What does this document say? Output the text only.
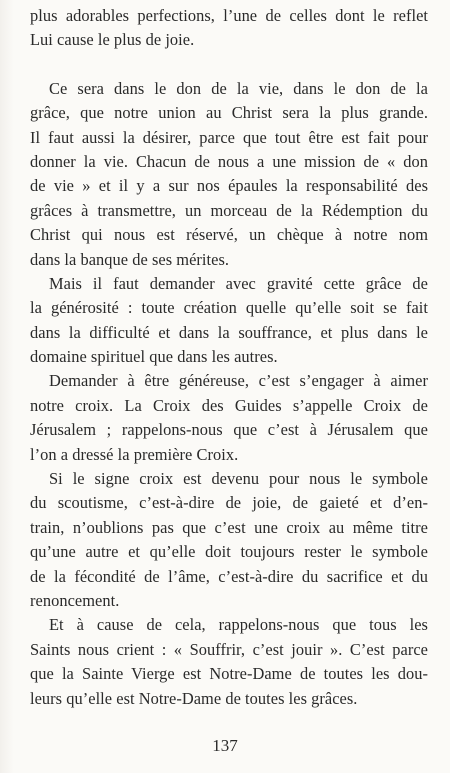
plus adorables perfections, l’une de celles dont le reflet
Lui cause le plus de joie.
Ce sera dans le don de la vie, dans le don de la
grâce, que notre union au Christ sera la plus grande.
Il faut aussi la désirer, parce que tout être est fait pour
donner la vie. Chacun de nous a une mission de « don
de vie » et il y a sur nos épaules la responsabilité des
grâces à transmettre, un morceau de la Rédemption du
Christ qui nous est réservé, un chèque à notre nom
dans la banque de ses mérites.
Mais il faut demander avec gravité cette grâce de
la générosité : toute création quelle qu’elle soit se fait
dans la difficulté et dans la souffrance, et plus dans le
domaine spirituel que dans les autres.
Demander à être généreuse, c’est s’engager à aimer
notre croix. La Croix des Guides s’appelle Croix de
Jérusalem ; rappelons-nous que c’est à Jérusalem que
l’on a dressé la première Croix.
Si le signe croix est devenu pour nous le symbole
du scoutisme, c’est-à-dire de joie, de gaieté et d’en-
train, n’oublions pas que c’est une croix au même titre
qu’une autre et qu’elle doit toujours rester le symbole
de la fécondité de l’âme, c’est-à-dire du sacrifice et du
renoncement.
Et à cause de cela, rappelons-nous que tous les
Saints nous crient : « Souffrir, c’est jouir ». C’est parce
que la Sainte Vierge est Notre-Dame de toutes les dou-
leurs qu’elle est Notre-Dame de toutes les grâces.
137
